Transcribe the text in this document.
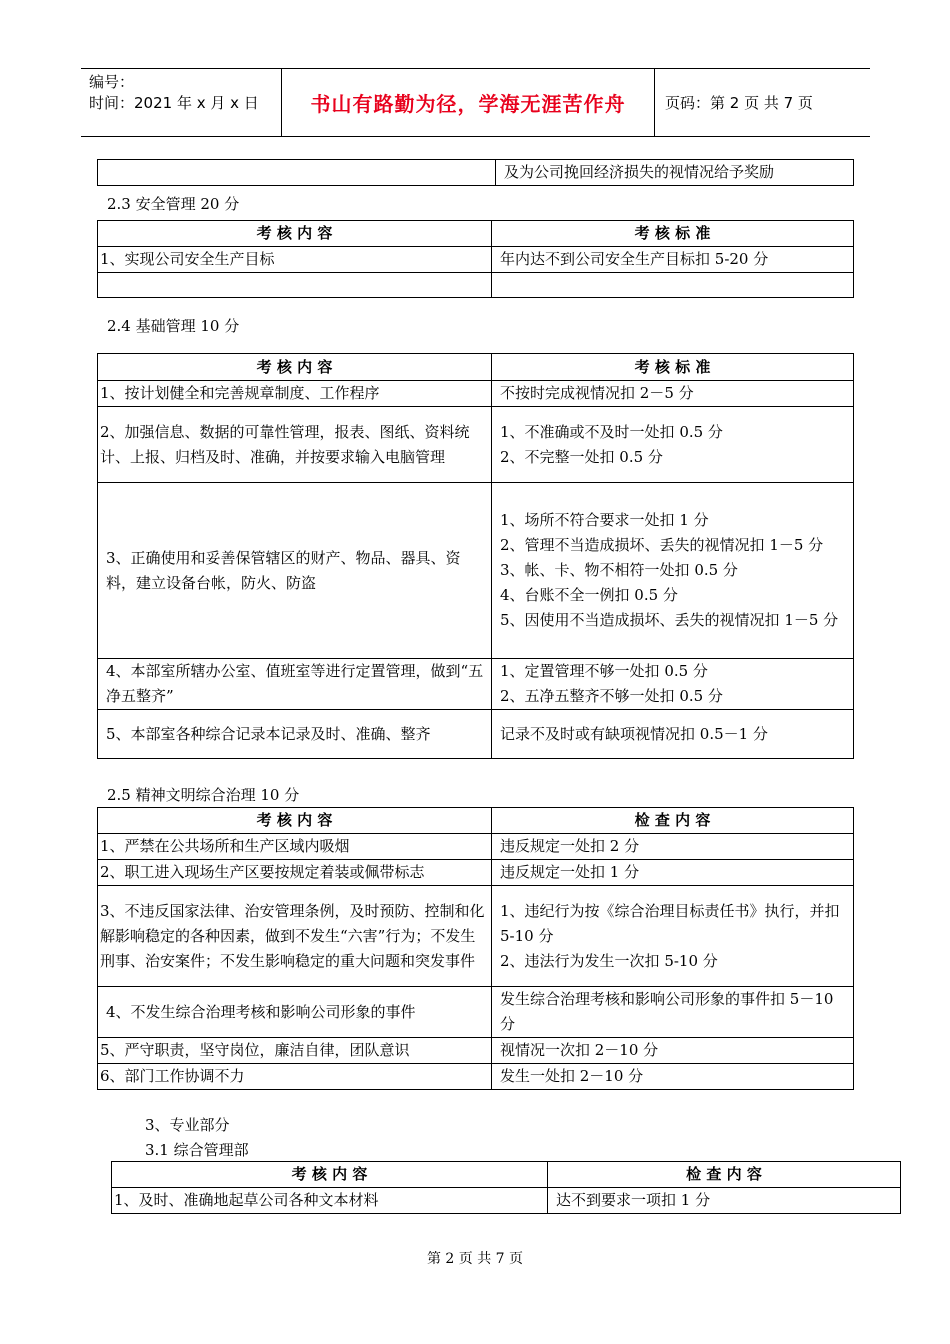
编号：
时间：2021 年 x 月 x 日	书山有路勤为径，学海无涯苦作舟	页码：第 2 页 共 7 页
	及为公司挽回经济损失的视情况给予奖励
2.3 安全管理 20 分
考 核 内 容	考 核 标 准
1、实现公司安全生产目标	年内达不到公司安全生产目标扣 5-20 分

2.4 基础管理 10 分
考 核 内 容	考 核 标 准
1、按计划健全和完善规章制度、工作程序	不按时完成视情况扣 2－5 分
2、加强信息、数据的可靠性管理，报表、图纸、资料统计、上报、归档及时、准确，并按要求输入电脑管理	1、不准确或不及时一处扣 0.5 分
2、不完整一处扣 0.5 分

3、正确使用和妥善保管辖区的财产、物品、器具、资料，建立设备台帐，防火、防盗	1、场所不符合要求一处扣 1 分
2、管理不当造成损坏、丢失的视情况扣 1－5 分
3、帐、卡、物不相符一处扣 0.5 分
4、台账不全一例扣 0.5 分
5、因使用不当造成损坏、丢失的视情况扣 1－5 分

4、本部室所辖办公室、值班室等进行定置管理，做到“五净五整齐”	1、定置管理不够一处扣 0.5 分
2、五净五整齐不够一处扣 0.5 分

5、本部室各种综合记录本记录及时、准确、整齐	记录不及时或有缺项视情况扣 0.5－1 分
2.5 精神文明综合治理 10 分
考 核 内 容	检 查 内 容
1、严禁在公共场所和生产区域内吸烟	违反规定一处扣 2 分
2、职工进入现场生产区要按规定着装或佩带标志	违反规定一处扣 1 分
3、不违反国家法律、治安管理条例，及时预防、控制和化解影响稳定的各种因素，做到不发生“六害”行为；不发生刑事、治安案件；不发生影响稳定的重大问题和突发事件	1、违纪行为按《综合治理目标责任书》执行，并扣 5-10 分
2、违法行为发生一次扣 5-10 分

4、不发生综合治理考核和影响公司形象的事件	发生综合治理考核和影响公司形象的事件扣 5－10 分
5、严守职责，坚守岗位，廉洁自律，团队意识	视情况一次扣 2－10 分
6、部门工作协调不力	发生一处扣 2－10 分
3、专业部分
3.1 综合管理部
考 核 内 容	检 查 内 容
1、及时、准确地起草公司各种文本材料	达不到要求一项扣 1 分
第 2 页 共 7 页
